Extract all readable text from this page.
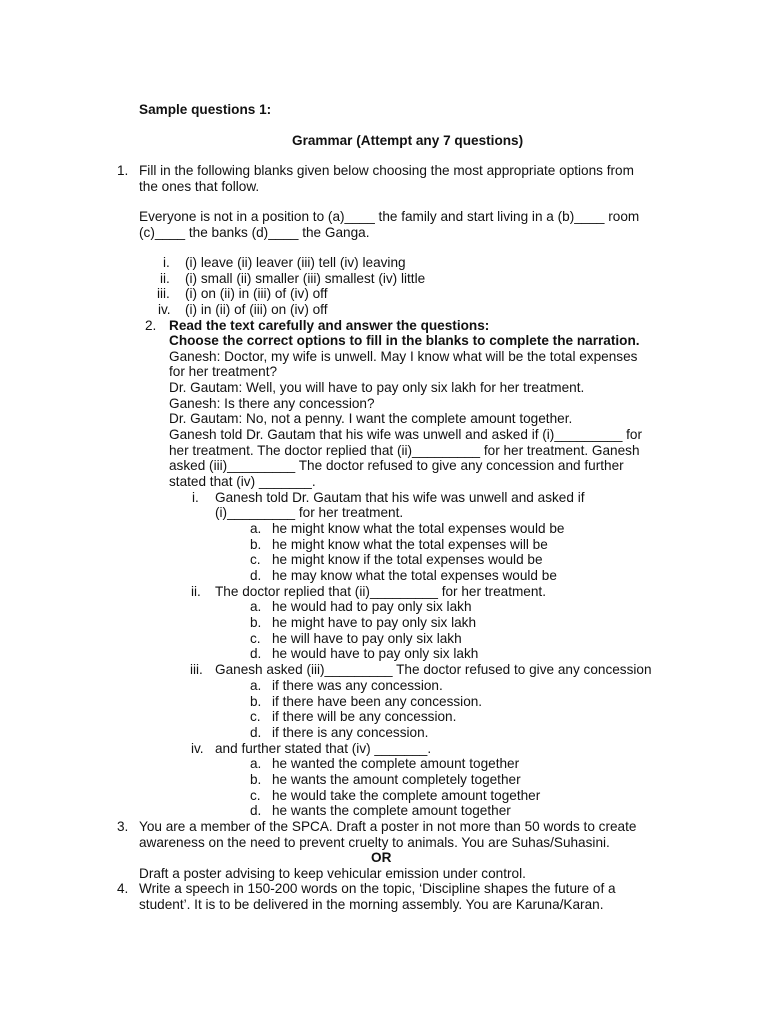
Sample questions 1:
Grammar (Attempt any 7 questions)
1. Fill in the following blanks given below choosing the most appropriate options from
the ones that follow.
Everyone is not in a position to (a)____ the family and start living in a (b)____ room
(c)____ the banks (d)____ the Ganga.
i. (i) leave (ii) leaver (iii) tell (iv) leaving
ii. (i) small (ii) smaller (iii) smallest (iv) little
iii. (i) on (ii) in (iii) of (iv) off
iv. (i) in (ii) of (iii) on (iv) off
2. Read the text carefully and answer the questions:
Choose the correct options to fill in the blanks to complete the narration.
Ganesh: Doctor, my wife is unwell. May I know what will be the total expenses
for her treatment?
Dr. Gautam: Well, you will have to pay only six lakh for her treatment.
Ganesh: Is there any concession?
Dr. Gautam: No, not a penny. I want the complete amount together.
Ganesh told Dr. Gautam that his wife was unwell and asked if (i)_________ for
her treatment. The doctor replied that (ii)_________ for her treatment. Ganesh
asked (iii)_________ The doctor refused to give any concession and further
stated that (iv) _______.
i. Ganesh told Dr. Gautam that his wife was unwell and asked if
(i)_________ for her treatment.
a. he might know what the total expenses would be
b. he might know what the total expenses will be
c. he might know if the total expenses would be
d. he may know what the total expenses would be
ii. The doctor replied that (ii)_________ for her treatment.
a. he would had to pay only six lakh
b. he might have to pay only six lakh
c. he will have to pay only six lakh
d. he would have to pay only six lakh
iii. Ganesh asked (iii)_________ The doctor refused to give any concession
a. if there was any concession.
b. if there have been any concession.
c. if there will be any concession.
d. if there is any concession.
iv. and further stated that (iv) _______.
a. he wanted the complete amount together
b. he wants the amount completely together
c. he would take the complete amount together
d. he wants the complete amount together
3. You are a member of the SPCA. Draft a poster in not more than 50 words to create
awareness on the need to prevent cruelty to animals. You are Suhas/Suhasini.
OR
Draft a poster advising to keep vehicular emission under control.
4. Write a speech in 150-200 words on the topic, ‘Discipline shapes the future of a
student’. It is to be delivered in the morning assembly. You are Karuna/Karan.
